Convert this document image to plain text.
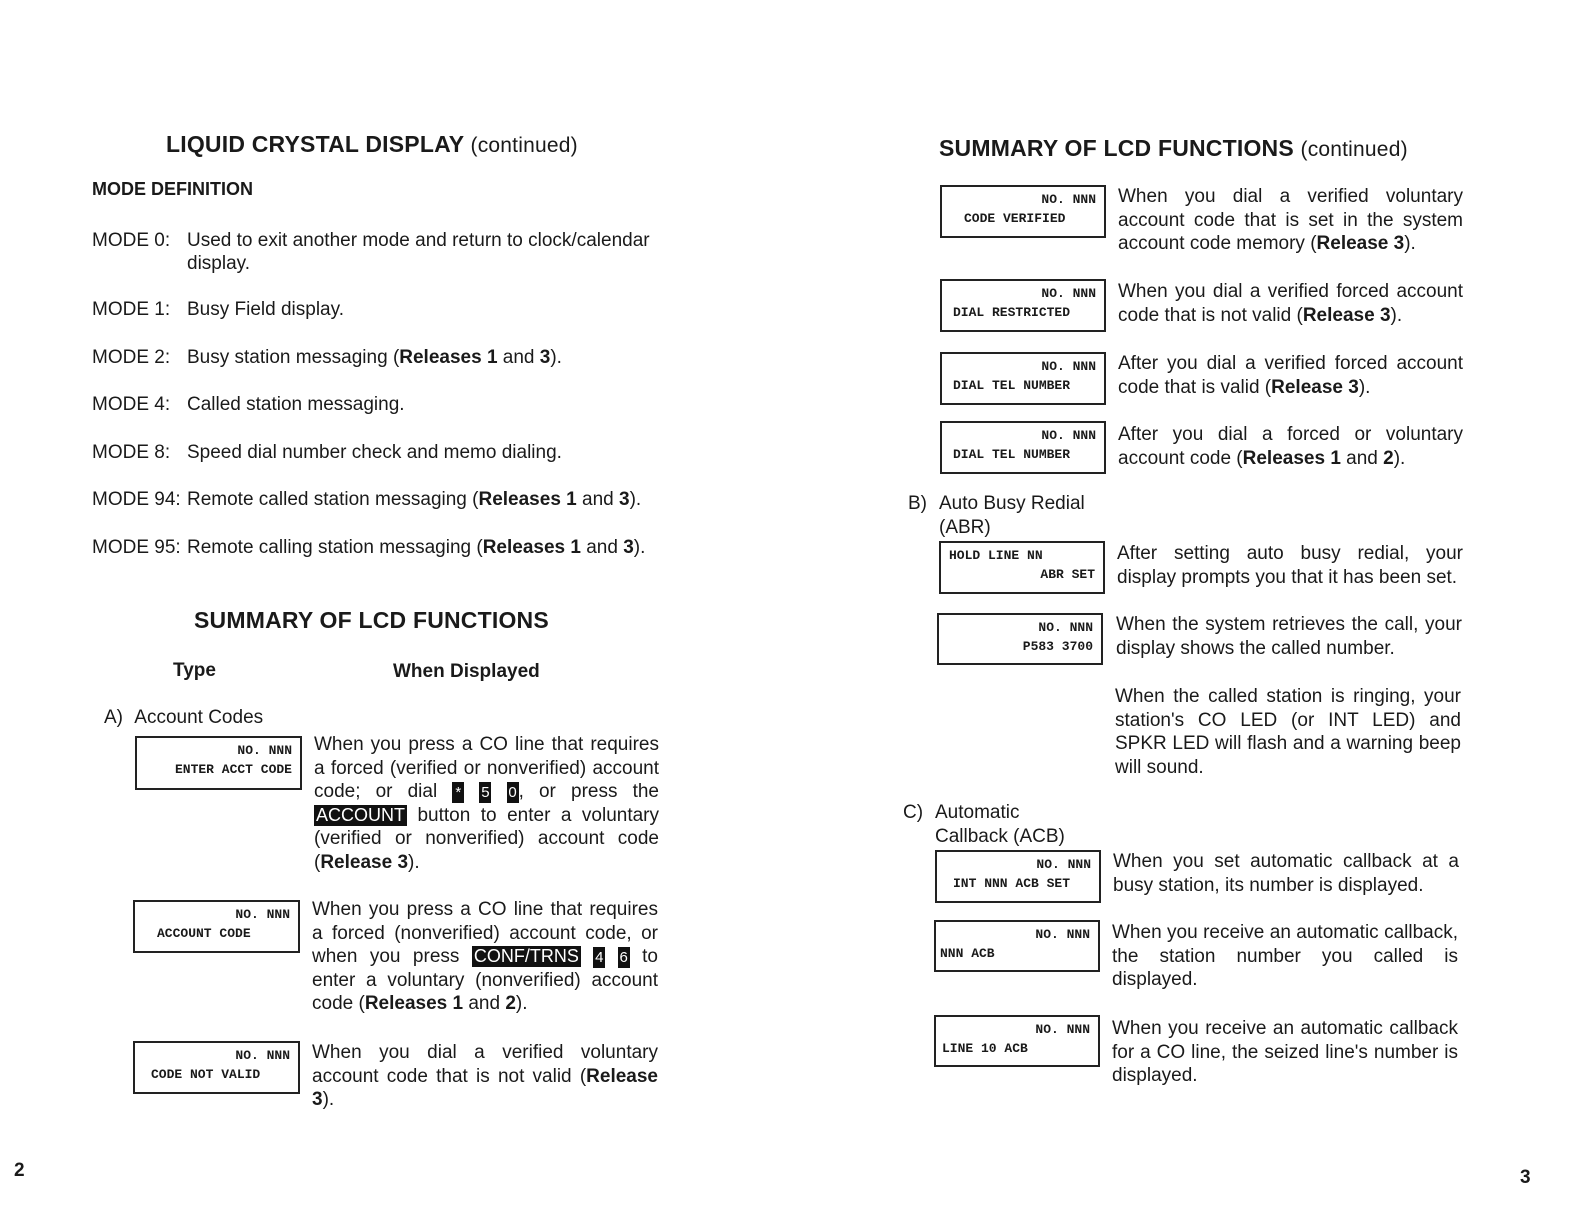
LIQUID CRYSTAL DISPLAY (continued)
MODE DEFINITION
MODE 0: Used to exit another mode and return to clock/calendar display.
MODE 1: Busy Field display.
MODE 2: Busy station messaging (Releases 1 and 3).
MODE 4: Called station messaging.
MODE 8: Speed dial number check and memo dialing.
MODE 94: Remote called station messaging (Releases 1 and 3).
MODE 95: Remote calling station messaging (Releases 1 and 3).
SUMMARY OF LCD FUNCTIONS
Type	When Displayed
A) Account Codes
NO. NNN
ENTER ACCT CODE
When you press a CO line that requires a forced (verified or nonverified) account code; or dial * 5 0, or press the ACCOUNT button to enter a voluntary (verified or nonverified) account code (Release 3).
NO. NNN
ACCOUNT CODE
When you press a CO line that requires a forced (nonverified) account code, or when you press CONF/TRNS 4 6 to enter a voluntary (nonverified) account code (Releases 1 and 2).
NO. NNN
CODE NOT VALID
When you dial a verified voluntary account code that is not valid (Release 3).
2
SUMMARY OF LCD FUNCTIONS (continued)
NO. NNN
CODE VERIFIED
When you dial a verified voluntary account code that is set in the system account code memory (Release 3).
NO. NNN
DIAL RESTRICTED
When you dial a verified forced account code that is not valid (Release 3).
NO. NNN
DIAL TEL NUMBER
After you dial a verified forced account code that is valid (Release 3).
NO. NNN
DIAL TEL NUMBER
After you dial a forced or voluntary account code (Releases 1 and 2).
B) Auto Busy Redial
(ABR)
HOLD LINE NN
ABR SET
After setting auto busy redial, your display prompts you that it has been set.
NO. NNN
P583 3700
When the system retrieves the call, your display shows the called number.
When the called station is ringing, your station's CO LED (or INT LED) and SPKR LED will flash and a warning beep will sound.
C) Automatic
Callback (ACB)
NO. NNN
INT NNN ACB SET
When you set automatic callback at a busy station, its number is displayed.
NO. NNN
NNN ACB
When you receive an automatic callback, the station number you called is displayed.
NO. NNN
LINE 10 ACB
When you receive an automatic callback for a CO line, the seized line's number is displayed.
3
